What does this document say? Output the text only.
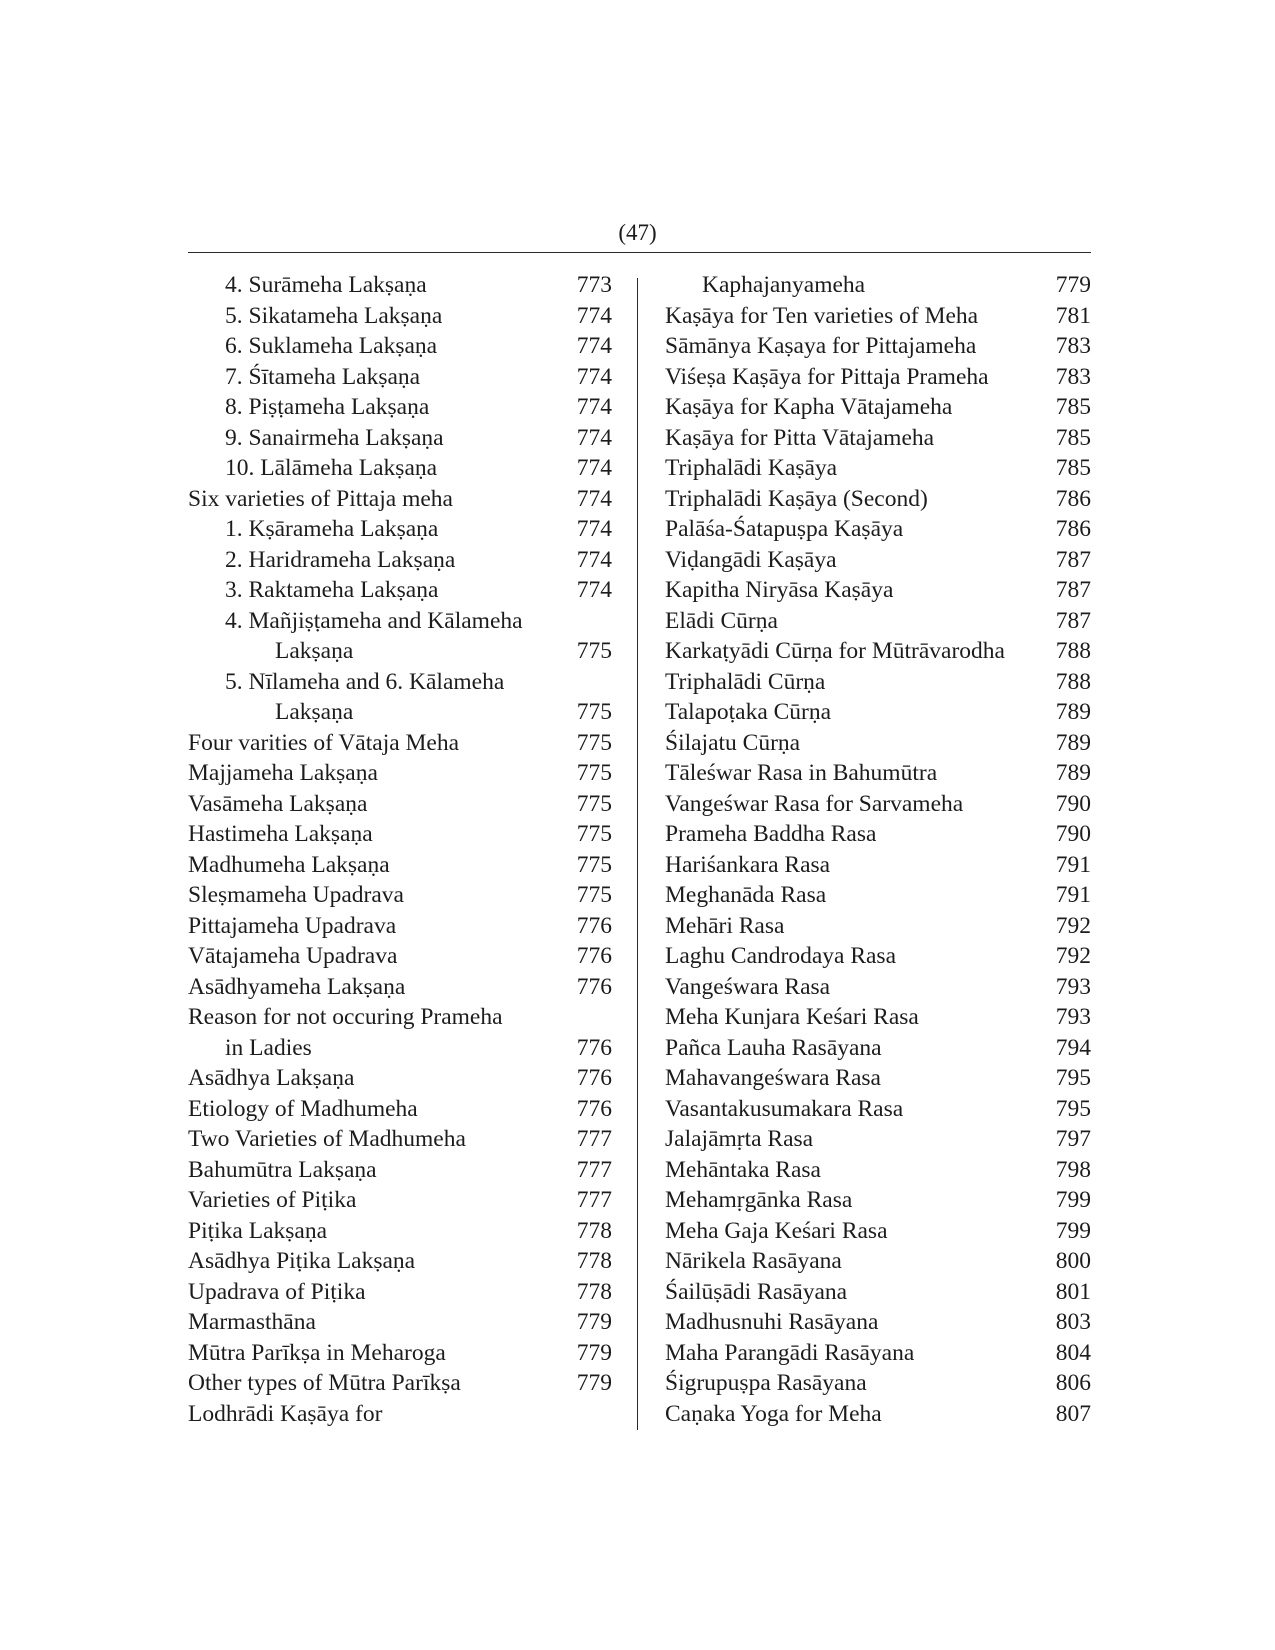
(47)
4. Surāmeha Lakṣaṇa	773
5. Sikatameha Lakṣaṇa	774
6. Suklameha Lakṣaṇa	774
7. Śītameha Lakṣaṇa	774
8. Piṣṭameha Lakṣaṇa	774
9. Sanairmeha Lakṣaṇa	774
10. Lālāmeha Lakṣaṇa	774
Six varieties of Pittaja meha	774
1. Kṣārameha Lakṣaṇa	774
2. Haridrameha Lakṣaṇa	774
3. Raktameha Lakṣaṇa	774
4. Mañjiṣṭameha and Kālameha
Lakṣaṇa	775
5. Nīlameha and 6. Kālameha
Lakṣaṇa	775
Four varities of Vātaja Meha	775
Majjameha Lakṣaṇa	775
Vasāmeha Lakṣaṇa	775
Hastimeha Lakṣaṇa	775
Madhumeha Lakṣaṇa	775
Sleṣmameha Upadrava	775
Pittajameha Upadrava	776
Vātajameha Upadrava	776
Asādhyameha Lakṣaṇa	776
Reason for not occuring Prameha
in Ladies	776
Asādhya Lakṣaṇa	776
Etiology of Madhumeha	776
Two Varieties of Madhumeha	777
Bahumūtra Lakṣaṇa	777
Varieties of Piṭika	777
Piṭika Lakṣaṇa	778
Asādhya Piṭika Lakṣaṇa	778
Upadrava of Piṭika	778
Marmasthāna	779
Mūtra Parīkṣa in Meharoga	779
Other types of Mūtra Parīkṣa	779
Lodhrādi Kaṣāya for
Kaphajanyameha	779
Kaṣāya for Ten varieties of Meha	781
Sāmānya Kaṣaya for Pittajameha	783
Viśeṣa Kaṣāya for Pittaja Prameha	783
Kaṣāya for Kapha Vātajameha	785
Kaṣāya for Pitta Vātajameha	785
Triphalādi Kaṣāya	785
Triphalādi Kaṣāya (Second)	786
Palāśa-Śatapuṣpa Kaṣāya	786
Viḍangādi Kaṣāya	787
Kapitha Niryāsa Kaṣāya	787
Elādi Cūrṇa	787
Karkaṭyādi Cūrṇa for Mūtrāvarodha 788
Triphalādi Cūrṇa	788
Talapoṭaka Cūrṇa	789
Śilajatu Cūrṇa	789
Tāleśwar Rasa in Bahumūtra	789
Vangeśwar Rasa for Sarvameha	790
Prameha Baddha Rasa	790
Hariśankara Rasa	791
Meghanāda Rasa	791
Mehāri Rasa	792
Laghu Candrodaya Rasa	792
Vangeśwara Rasa	793
Meha Kunjara Keśari Rasa	793
Pañca Lauha Rasāyana	794
Mahavangeśwara Rasa	795
Vasantakusumakara Rasa	795
Jalajāmṛta Rasa	797
Mehāntaka Rasa	798
Mehamṛgānka Rasa	799
Meha Gaja Keśari Rasa	799
Nārikela Rasāyana	800
Śailūṣādi Rasāyana	801
Madhusnuhi Rasāyana	803
Maha Parangādi Rasāyana	804
Śigrupuṣpa Rasāyana	806
Caṇaka Yoga for Meha	807
